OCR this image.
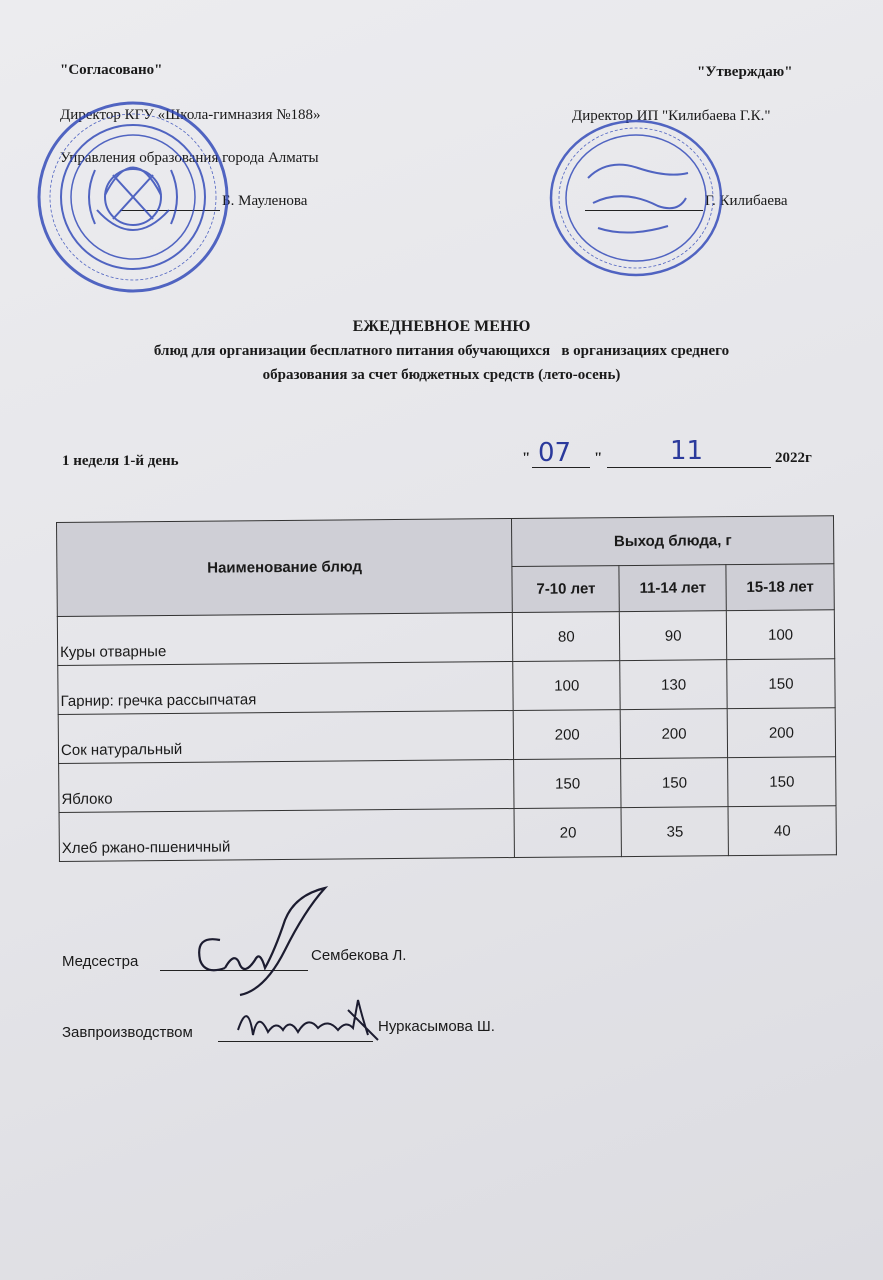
"Согласовано"
Директор КГУ «Школа-гимназия №188»
Управления образования города Алматы
Б. Мауленова
"Утверждаю"
Директор ИП "Килибаева Г.К."
Г. Килибаева
ЕЖЕДНЕВНОЕ МЕНЮ
блюд для организации бесплатного питания обучающихся   в организациях среднего
образования за счет бюджетных средств (лето-осень)
1 неделя 1-й день	" 07 "	11	2022г
Наименование блюд	Выход блюда, г		
	7-10 лет	11-14 лет	15-18 лет
Куры отварные	80	90	100
Гарнир: гречка рассыпчатая	100	130	150
Сок натуральный	200	200	200
Яблоко	150	150	150
Хлеб ржано-пшеничный	20	35	40
Медсестра	Сембекова Л.
Завпроизводством	Нуркасымова Ш.
